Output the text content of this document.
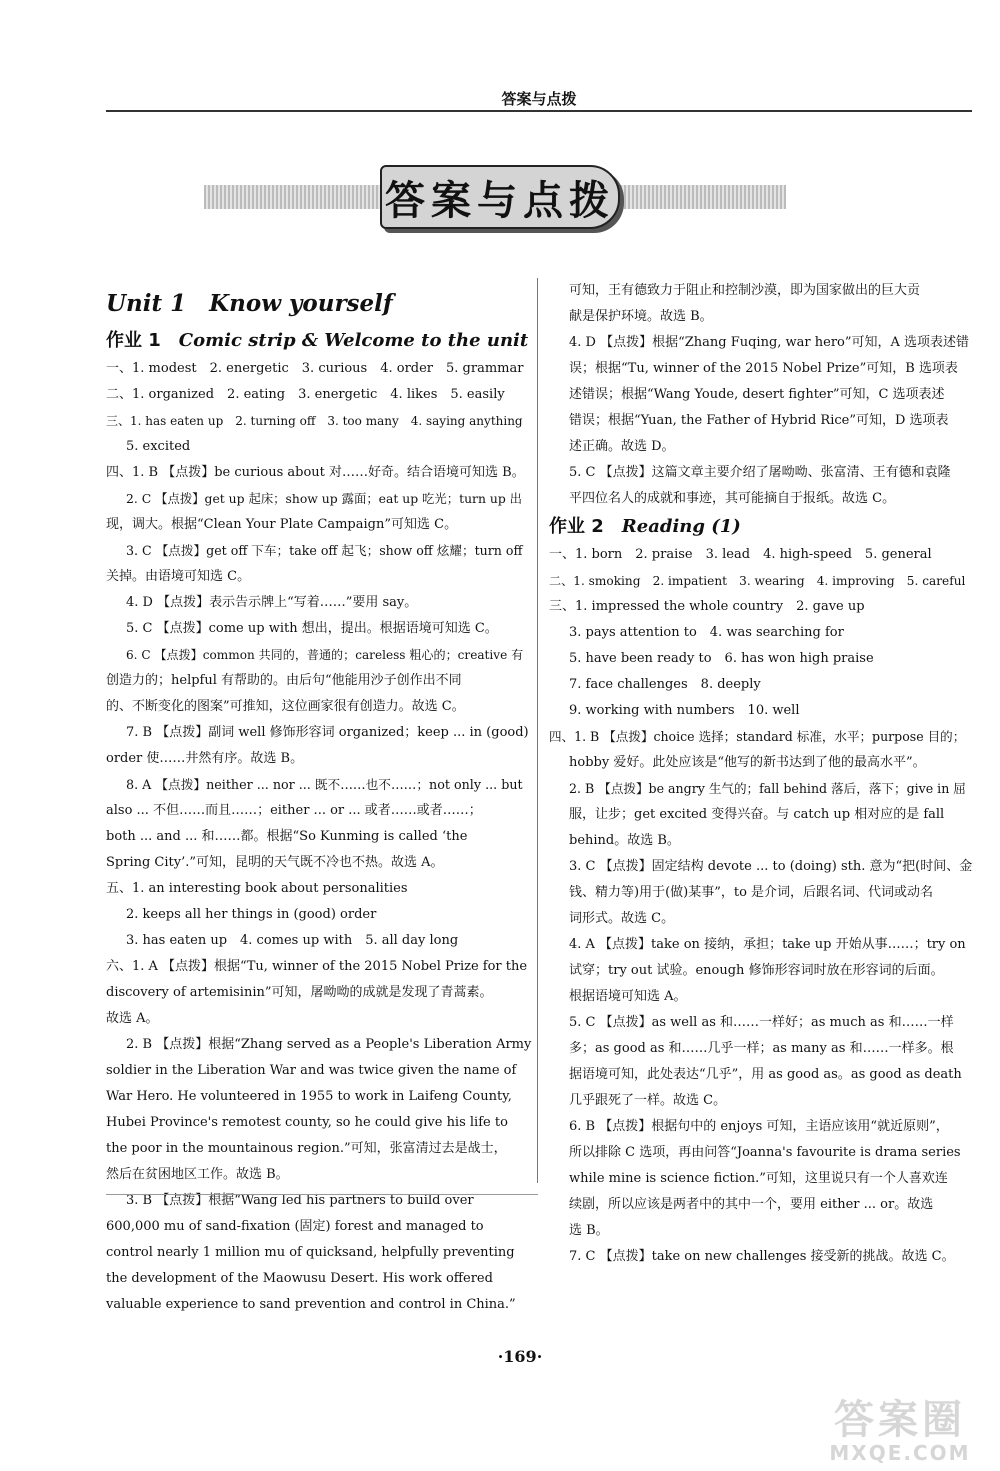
答案与点拨
答案与点拨

Unit 1　Know yourself

作业 1　 Comic strip & Welcome to the unit

一、1. modest　2. energetic　3. curious　4. order　5. grammar

二、1. organized　2. eating　3. energetic　4. likes　5. easily

三、1. has eaten up　2. turning off　3. too many　4. saying anything

5. excited

四、1. B 【点拨】be curious about 对……好奇。结合语境可知选 B。

2. C 【点拨】get up 起床；show up 露面；eat up 吃光；turn up 出

现，调大。根据“Clean Your Plate Campaign”可知选 C。

3. C 【点拨】get off 下车；take off 起飞；show off 炫耀；turn off

关掉。由语境可知选 C。

4. D 【点拨】表示告示牌上“写着……”要用 say。

5. C 【点拨】come up with 想出，提出。根据语境可知选 C。

6. C 【点拨】common 共同的，普通的；careless 粗心的；creative 有

创造力的；helpful 有帮助的。由后句“他能用沙子创作出不同

的、不断变化的图案”可推知，这位画家很有创造力。故选 C。

7. B 【点拨】副词 well 修饰形容词 organized；keep ... in (good)

order 使……井然有序。故选 B。

8. A 【点拨】neither ... nor ... 既不……也不……；not only ... but

also ... 不但……而且……；either ... or ... 或者……或者……；

both ... and ... 和……都。根据“So Kunming is called ‘the

Spring City’.”可知，昆明的天气既不冷也不热。故选 A。

五、1. an interesting book about personalities

2. keeps all her things in (good) order

3. has eaten up　4. comes up with　5. all day long

六、1. A 【点拨】根据“Tu, winner of the 2015 Nobel Prize for the

discovery of artemisinin”可知，屠呦呦的成就是发现了青蒿素。

故选 A。

2. B 【点拨】根据“Zhang served as a People's Liberation Army

soldier in the Liberation War and was twice given the name of

War Hero. He volunteered in 1955 to work in Laifeng County,

Hubei Province's remotest county, so he could give his life to

the poor in the mountainous region.”可知，张富清过去是战士，

然后在贫困地区工作。故选 B。

3. B 【点拨】根据“Wang led his partners to build over

600,000 mu of sand-fixation (固定) forest and managed to

control nearly 1 million mu of quicksand, helpfully preventing

the development of the Maowusu Desert. His work offered

valuable experience to sand prevention and control in China.”

可知，王有德致力于阻止和控制沙漠，即为国家做出的巨大贡

献是保护环境。故选 B。

4. D 【点拨】根据“Zhang Fuqing, war hero”可知，A 选项表述错

误；根据“Tu, winner of the 2015 Nobel Prize”可知，B 选项表

述错误；根据“Wang Youde, desert fighter”可知，C 选项表述

错误；根据“Yuan, the Father of Hybrid Rice”可知，D 选项表

述正确。故选 D。

5. C 【点拨】这篇文章主要介绍了屠呦呦、张富清、王有德和袁隆

平四位名人的成就和事迹，其可能摘自于报纸。故选 C。

作业 2　 Reading (1)

一、1. born　2. praise　3. lead　4. high-speed　5. general

二、1. smoking　2. impatient　3. wearing　4. improving　5. careful

三、1. impressed the whole country　2. gave up

3. pays attention to　4. was searching for

5. have been ready to　6. has won high praise

7. face challenges　8. deeply

9. working with numbers　10. well

四、1. B 【点拨】choice 选择；standard 标准，水平；purpose 目的；

hobby 爱好。此处应该是“他写的新书达到了他的最高水平”。

2. B 【点拨】be angry 生气的；fall behind 落后，落下；give in 屈

服，让步；get excited 变得兴奋。与 catch up 相对应的是 fall

behind。故选 B。

3. C 【点拨】固定结构 devote ... to (doing) sth. 意为“把(时间、金

钱、精力等)用于(做)某事”，to 是介词，后跟名词、代词或动名

词形式。故选 C。

4. A 【点拨】take on 接纳，承担；take up 开始从事……；try on

试穿；try out 试验。enough 修饰形容词时放在形容词的后面。

根据语境可知选 A。

5. C 【点拨】as well as 和……一样好；as much as 和……一样

多；as good as 和……几乎一样；as many as 和……一样多。根

据语境可知，此处表达“几乎”，用 as good as。as good as death

几乎跟死了一样。故选 C。

6. B 【点拨】根据句中的 enjoys 可知，主语应该用“就近原则”，

所以排除 C 选项，再由问答“Joanna's favourite is drama series

while mine is science fiction.”可知，这里说只有一个人喜欢连

续剧，所以应该是两者中的其中一个，要用 either ... or。故选

选 B。

7. C 【点拨】take on new challenges 接受新的挑战。故选 C。

·169·
答案圈
MXQE.COM
